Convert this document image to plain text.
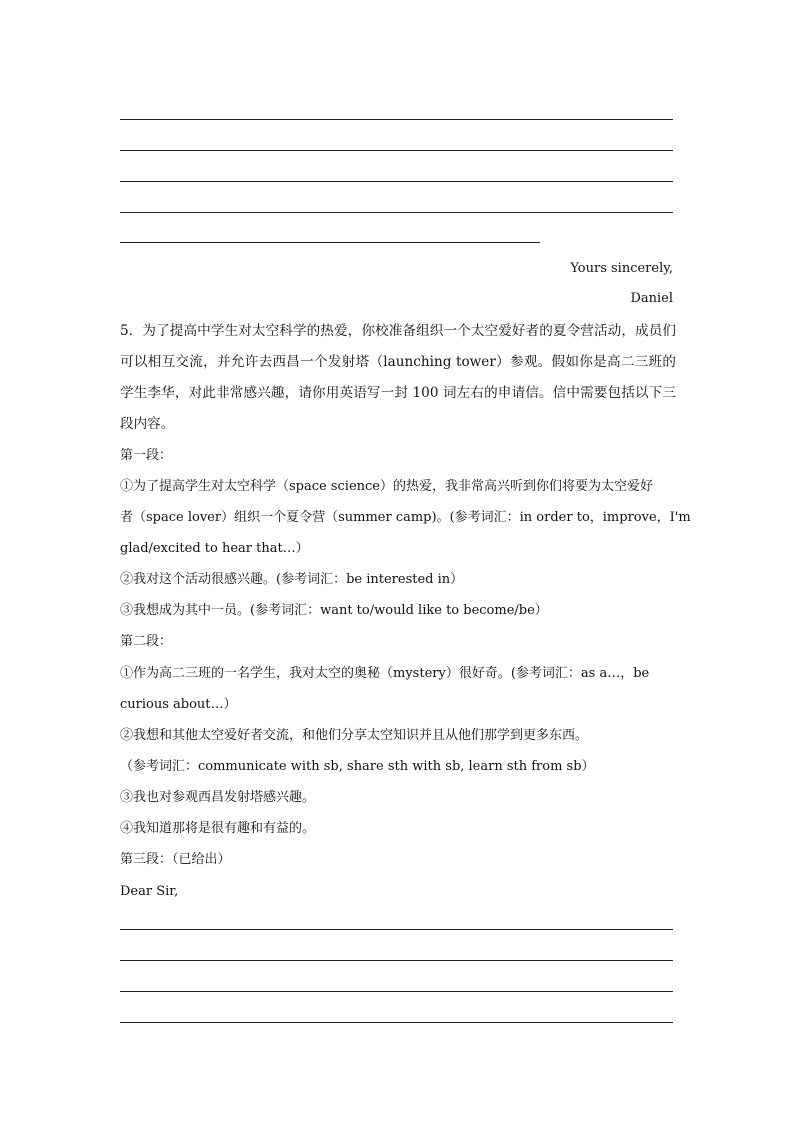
Yours sincerely,
Daniel
5．为了提高中学生对太空科学的热爱，你校准备组织一个太空爱好者的夏令营活动，成员们可以相互交流，并允许去西昌一个发射塔（launching tower）参观。假如你是高二三班的学生李华，对此非常感兴趣，请你用英语写一封 100 词左右的申请信。信中需要包括以下三段内容。
第一段：
①为了提高学生对太空科学（space science）的热爱，我非常高兴听到你们将要为太空爱好
者（space lover）组织一个夏令营（summer camp)。(参考词汇：in order to，improve，I'm
glad/excited to hear that…）
②我对这个活动很感兴趣。(参考词汇：be interested in）
③我想成为其中一员。(参考词汇：want to/would like to become/be）
第二段：
①作为高二三班的一名学生，我对太空的奥秘（mystery）很好奇。(参考词汇：as a…，be
curious about…）
②我想和其他太空爱好者交流，和他们分享太空知识并且从他们那学到更多东西。
（参考词汇：communicate with sb, share sth with sb, learn sth from sb）
③我也对参观西昌发射塔感兴趣。
④我知道那将是很有趣和有益的。
第三段：（已给出）
Dear Sir,
